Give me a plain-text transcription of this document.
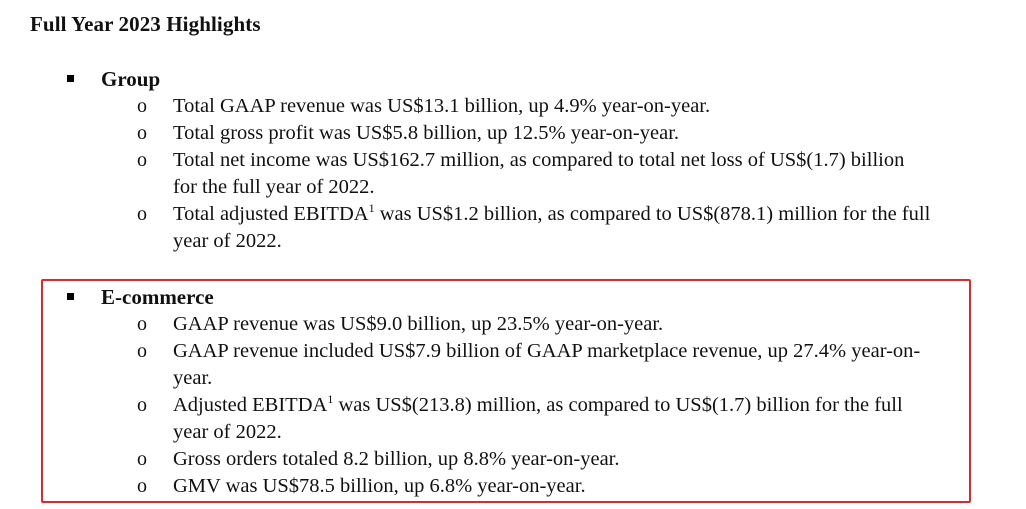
Full Year 2023 Highlights
Group
o Total GAAP revenue was US$13.1 billion, up 4.9% year-on-year.
o Total gross profit was US$5.8 billion, up 12.5% year-on-year.
o Total net income was US$162.7 million, as compared to total net loss of US$(1.7) billion for the full year of 2022.
o Total adjusted EBITDA$^1$ was US$1.2 billion, as compared to US$(878.1) million for the full year of 2022.
E-commerce
o GAAP revenue was US$9.0 billion, up 23.5% year-on-year.
o GAAP revenue included US$7.9 billion of GAAP marketplace revenue, up 27.4% year-on-year.
o Adjusted EBITDA$^1$ was US$(213.8) million, as compared to US$(1.7) billion for the full year of 2022.
o Gross orders totaled 8.2 billion, up 8.8% year-on-year.
o GMV was US$78.5 billion, up 6.8% year-on-year.
